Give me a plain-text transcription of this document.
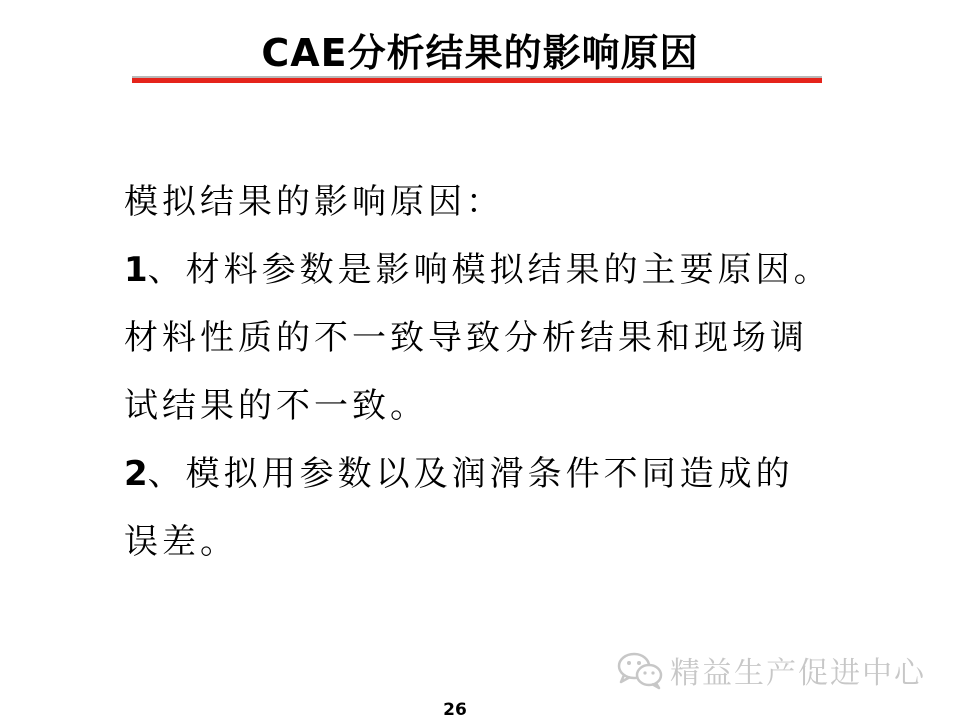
CAE分析结果的影响原因
模拟结果的影响原因：
1、材料参数是影响模拟结果的主要原因。
材料性质的不一致导致分析结果和现场调
试结果的不一致。
2、模拟用参数以及润滑条件不同造成的
误差。
精益生产促进中心
26
